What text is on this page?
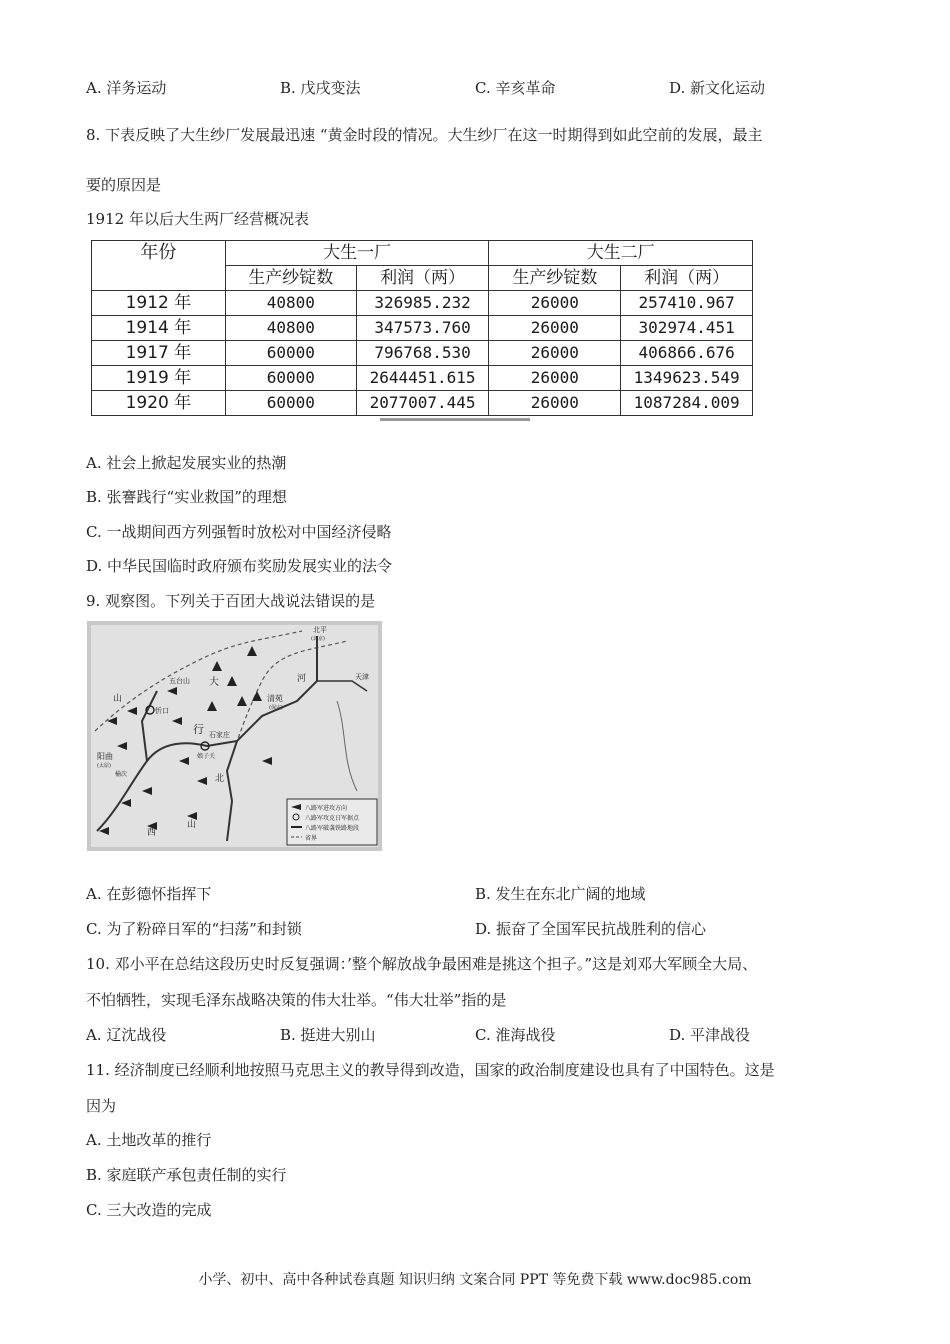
A. 洋务运动	B. 戊戌变法	C. 辛亥革命	D. 新文化运动
8. 下表反映了大生纱厂发展最迅速 “黄金时段的情况。大生纱厂在这一时期得到如此空前的发展，最主
要的原因是
1912 年以后大生两厂经营概况表
年份	大生一厂		大生二厂	
	生产纱锭数	利润（两）	生产纱锭数	利润（两）
1912 年	40800	326985.232	26000	257410.967
1914 年	40800	347573.760	26000	302974.451
1917 年	60000	796768.530	26000	406866.676
1919 年	60000	2644451.615	26000	1349623.549
1920 年	60000	2077007.445	26000	1087284.009
A. 社会上掀起发展实业的热潮
B. 张謇践行“实业救国”的理想
C. 一战期间西方列强暂时放松对中国经济侵略
D. 中华民国临时政府颁布奖励发展实业的法令
9. 观察图。下列关于百团大战说法错误的是
八路军进攻方向
八路军攻克日军据点
八路军破袭铁路地段
省界
北平
(北京)
天津
五台山
忻口
清苑
(保定)
石家庄
阳曲
(太原)
娘子关
榆次
山
行
大
北
河
西
山
A. 在彭德怀指挥下	B. 发生在东北广阔的地域
C. 为了粉碎日军的“扫荡”和封锁	D. 振奋了全国军民抗战胜利的信心
10. 邓小平在总结这段历史时反复强调：’整个解放战争最困难是挑这个担子。”这是刘邓大军顾全大局、
不怕牺牲，实现毛泽东战略决策的伟大壮举。“伟大壮举”指的是
A. 辽沈战役	B. 挺进大别山	C. 淮海战役	D. 平津战役
11. 经济制度已经顺利地按照马克思主义的教导得到改造，国家的政治制度建设也具有了中国特色。这是
因为
A. 土地改革的推行
B. 家庭联产承包责任制的实行
C. 三大改造的完成
小学、初中、高中各种试卷真题 知识归纳 文案合同 PPT 等免费下载 www.doc985.com
